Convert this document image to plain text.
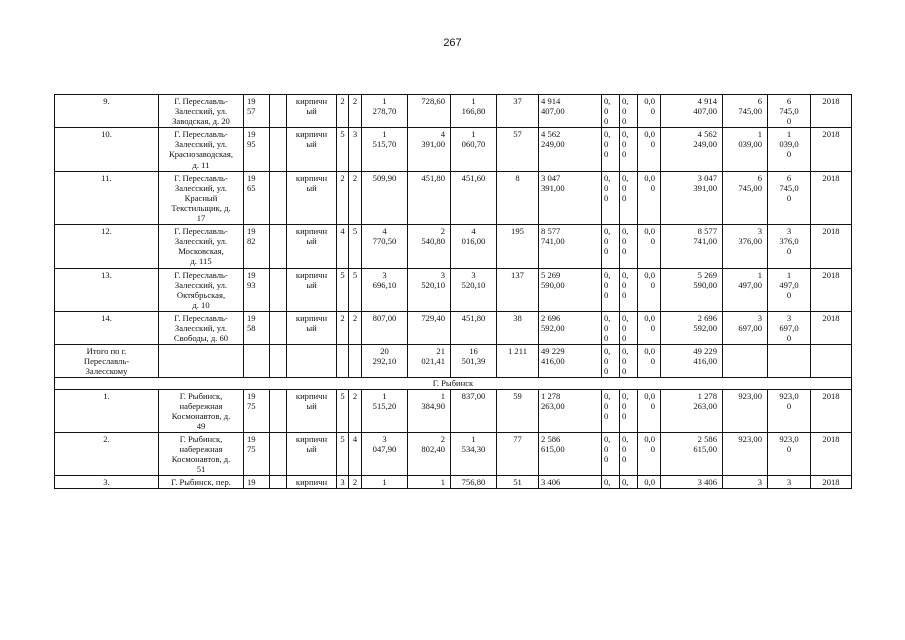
267
9.	Г. Переславль-
Залесский, ул.
Заводская, д. 20	19
57		кирпичн
ый	2	2	1
278,70	728,60	1
166,80	37	4 914
407,00	0,
0
0	0,
0
0	0,0
0	4 914
407,00	6
745,00	6
745,0
0	2018
10.	Г. Переславль-
Залесский, ул.
Краснозаводская,
д. 11	19
95		кирпичн
ый	5	3	1
515,70	4
391,00	1
060,70	57	4 562
249,00	0,
0
0	0,
0
0	0,0
0	4 562
249,00	1
039,00	1
039,0
0	2018
11.	Г. Переславль-
Залесский, ул.
Красный
Текстильщик, д.
17	19
65		кирпичн
ый	2	2	509,90	451,80	451,60	8	3 047
391,00	0,
0
0	0,
0
0	0,0
0	3 047
391,00	6
745,00	6
745,0
0	2018
12.	Г. Переславль-
Залесский, ул.
Московская,
д. 115	19
82		кирпичн
ый	4	5	4
770,50	2
540,80	4
016,00	195	8 577
741,00	0,
0
0	0,
0
0	0,0
0	8 577
741,00	3
376,00	3
376,0
0	2018
13.	Г. Переславль-
Залесский, ул.
Октябрьская,
д. 10	19
93		кирпичн
ый	5	5	3
696,10	3
520,10	3
520,10	137	5 269
590,00	0,
0
0	0,
0
0	0,0
0	5 269
590,00	1
497,00	1
497,0
0	2018
14.	Г. Переславль-
Залесский, ул.
Свободы, д. 60	19
58		кирпичн
ый	2	2	807,00	729,40	451,80	38	2 696
592,00	0,
0
0	0,
0
0	0,0
0	2 696
592,00	3
697,00	3
697,0
0	2018
Итого по г.
Переславль-
Залесскому							20
292,10	21
021,41	16
501,39	1 211	49 229
416,00	0,
0
0	0,
0
0	0,0
0	49 229
416,00			
Г. Рыбинск																		
1.	Г. Рыбинск,
набережная
Космонавтов, д.
49	19
75		кирпичн
ый	5	2	1
515,20	1
384,90	837,00	59	1 278
263,00	0,
0
0	0,
0
0	0,0
0	1 278
263,00	923,00	923,0
0	2018
2.	Г. Рыбинск,
набережная
Космонавтов, д.
51	19
75		кирпичн
ый	5	4	3
047,90	2
802,40	1
534,30	77	2 586
615,00	0,
0
0	0,
0
0	0,0
0	2 586
615,00	923,00	923,0
0	2018
3.	Г. Рыбинск, пер.	19		кирпичн	3	2	1	1	756,80	51	3 406	0,	0,	0,0	3 406	3	3	2018
